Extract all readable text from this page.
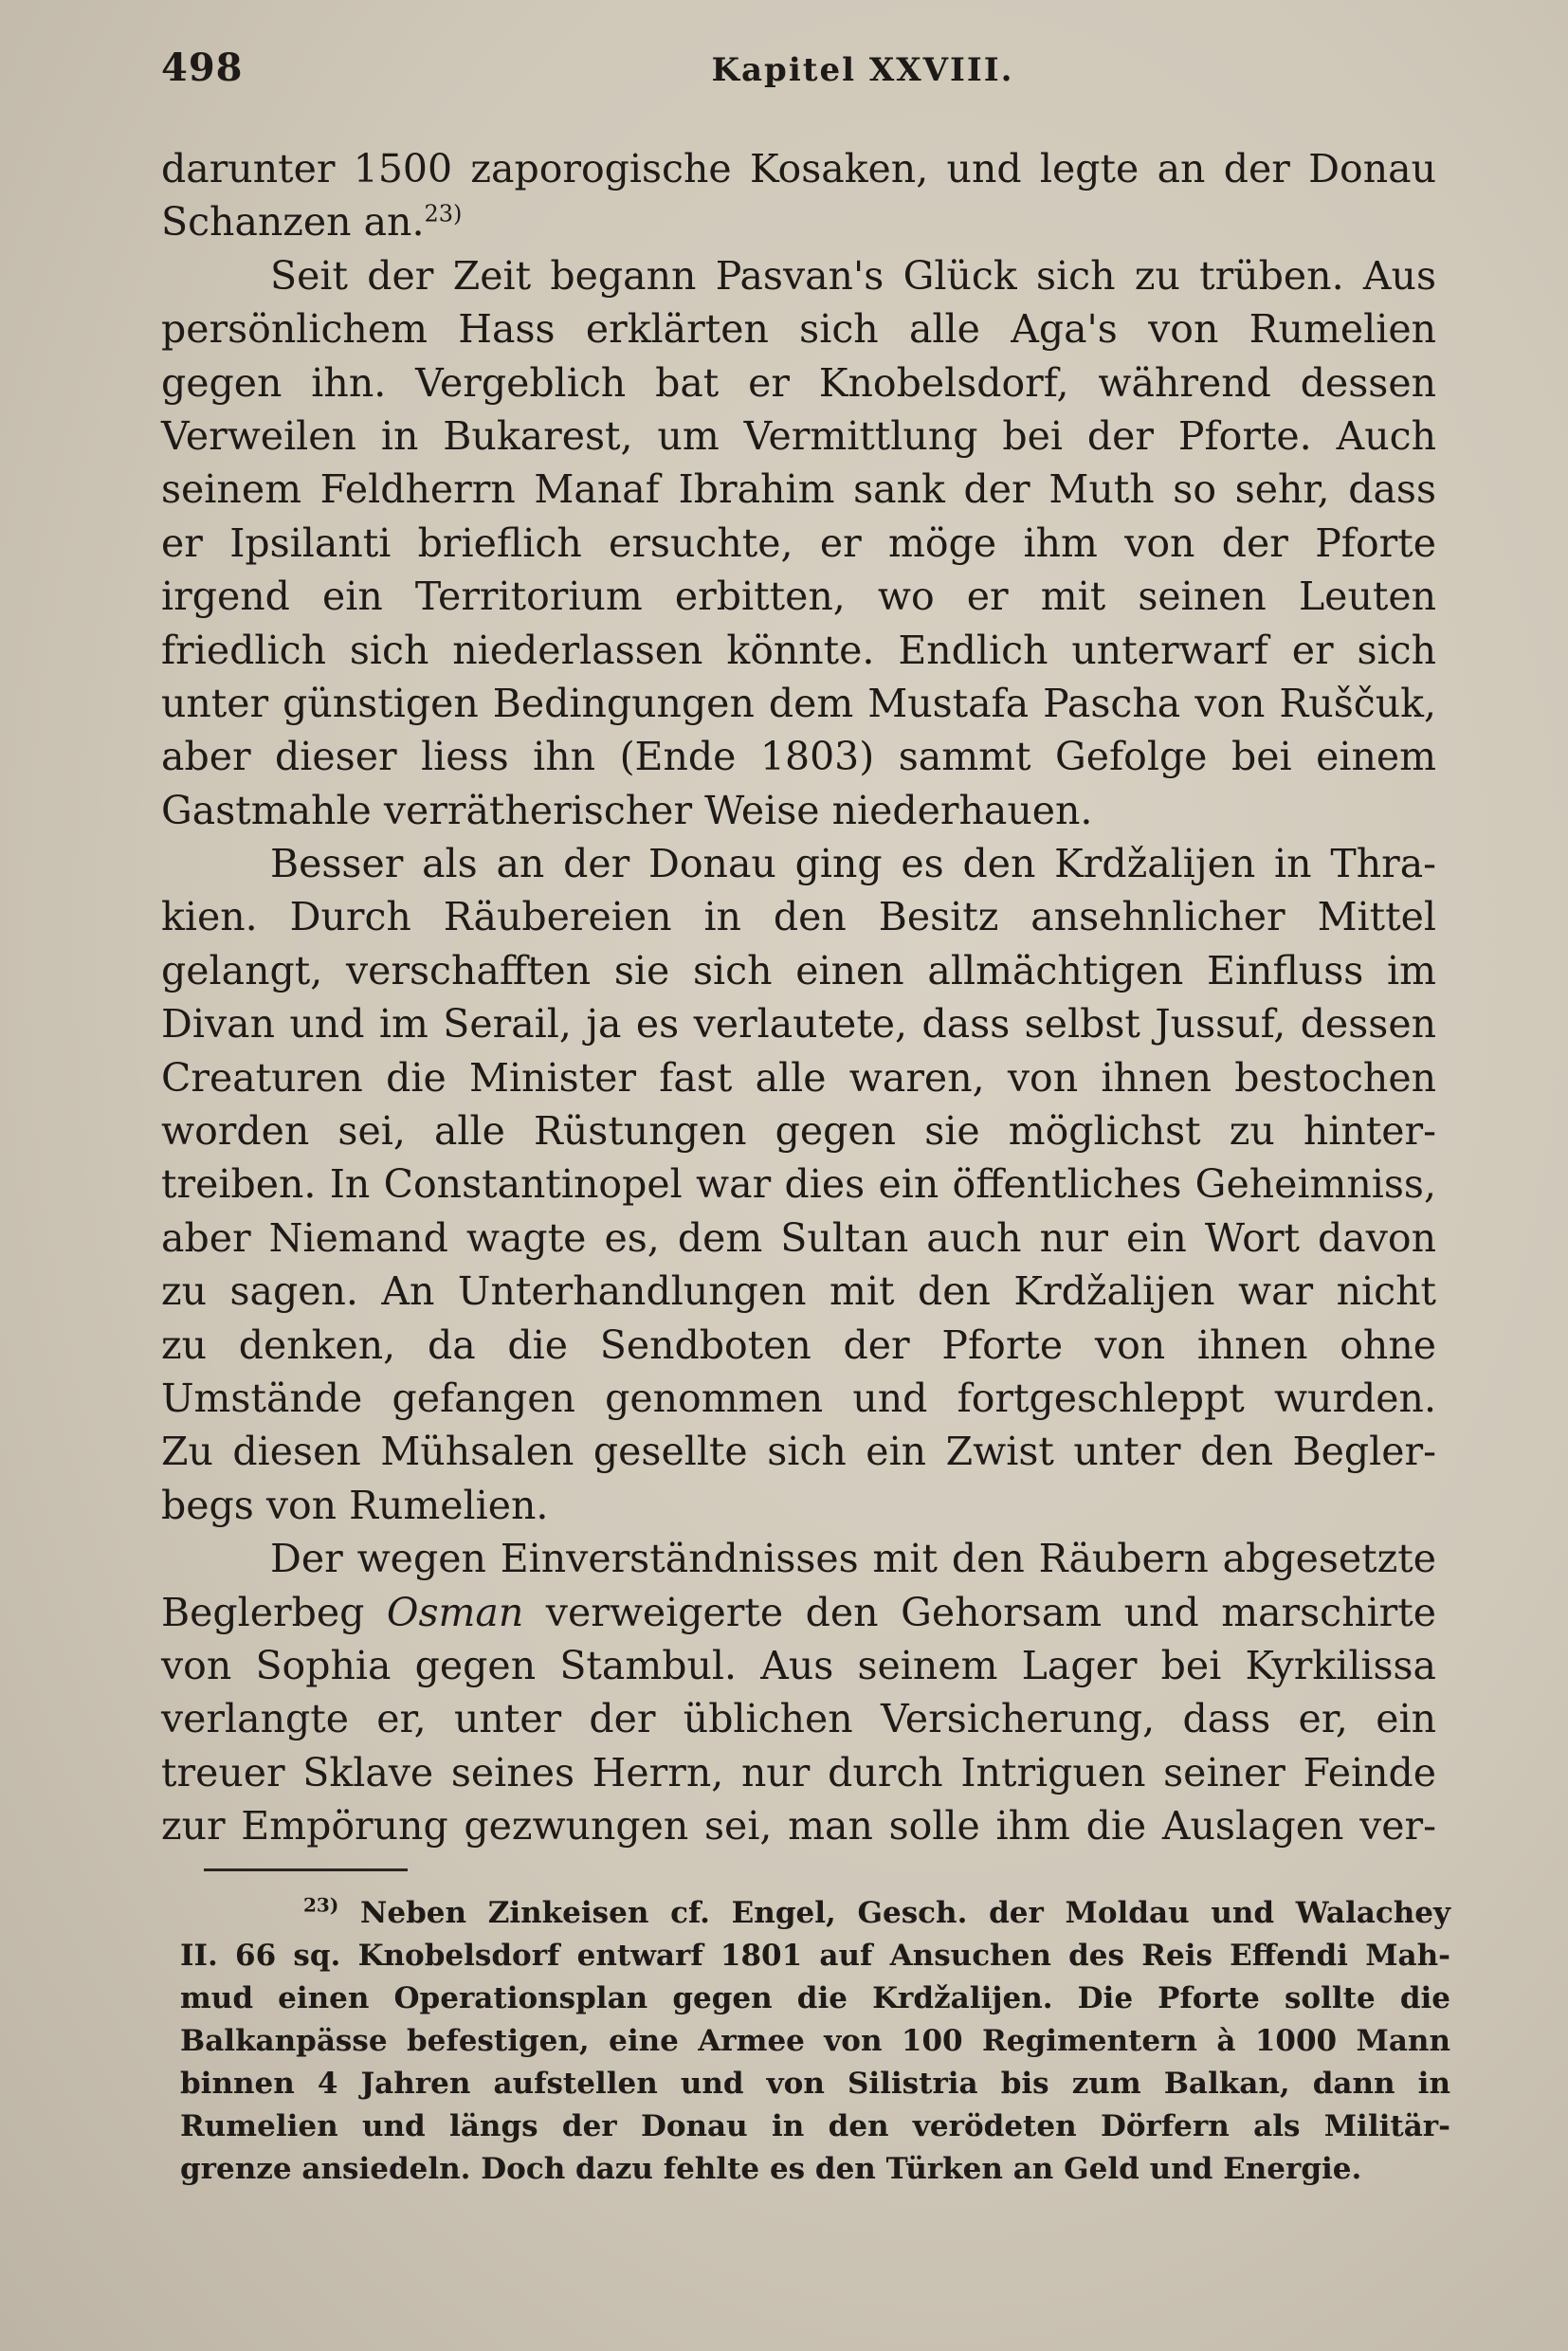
498	Kapitel XXVIII.
darunter 1500 zaporogische Kosaken, und legte an der Donau
Schanzen an.$^{23)}$
Seit der Zeit begann Pasvan's Glück sich zu trüben. Aus
persönlichem Hass erklärten sich alle Aga's von Rumelien
gegen ihn. Vergeblich bat er Knobelsdorf, während dessen
Verweilen in Bukarest, um Vermittlung bei der Pforte. Auch
seinem Feldherrn Manaf Ibrahim sank der Muth so sehr, dass
er Ipsilanti brieflich ersuchte, er möge ihm von der Pforte
irgend ein Territorium erbitten, wo er mit seinen Leuten
friedlich sich niederlassen könnte. Endlich unterwarf er sich
unter günstigen Bedingungen dem Mustafa Pascha von Ruščuk,
aber dieser liess ihn (Ende 1803) sammt Gefolge bei einem
Gastmahle verrätherischer Weise niederhauen.
Besser als an der Donau ging es den Krdžalijen in Thra-
kien. Durch Räubereien in den Besitz ansehnlicher Mittel
gelangt, verschafften sie sich einen allmächtigen Einfluss im
Divan und im Serail, ja es verlautete, dass selbst Jussuf, dessen
Creaturen die Minister fast alle waren, von ihnen bestochen
worden sei, alle Rüstungen gegen sie möglichst zu hinter-
treiben. In Constantinopel war dies ein öffentliches Geheimniss,
aber Niemand wagte es, dem Sultan auch nur ein Wort davon
zu sagen. An Unterhandlungen mit den Krdžalijen war nicht
zu denken, da die Sendboten der Pforte von ihnen ohne
Umstände gefangen genommen und fortgeschleppt wurden.
Zu diesen Mühsalen gesellte sich ein Zwist unter den Begler-
begs von Rumelien.
Der wegen Einverständnisses mit den Räubern abgesetzte
Beglerbeg Osman verweigerte den Gehorsam und marschirte
von Sophia gegen Stambul. Aus seinem Lager bei Kyrkilissa
verlangte er, unter der üblichen Versicherung, dass er, ein
treuer Sklave seines Herrn, nur durch Intriguen seiner Feinde
zur Empörung gezwungen sei, man solle ihm die Auslagen ver-
$^{23)}$ Neben Zinkeisen cf. Engel, Gesch. der Moldau und Walachey
II. 66 sq. Knobelsdorf entwarf 1801 auf Ansuchen des Reis Effendi Mah-
mud einen Operationsplan gegen die Krdžalijen. Die Pforte sollte die
Balkanpässe befestigen, eine Armee von 100 Regimentern à 1000 Mann
binnen 4 Jahren aufstellen und von Silistria bis zum Balkan, dann in
Rumelien und längs der Donau in den verödeten Dörfern als Militär-
grenze ansiedeln. Doch dazu fehlte es den Türken an Geld und Energie.
